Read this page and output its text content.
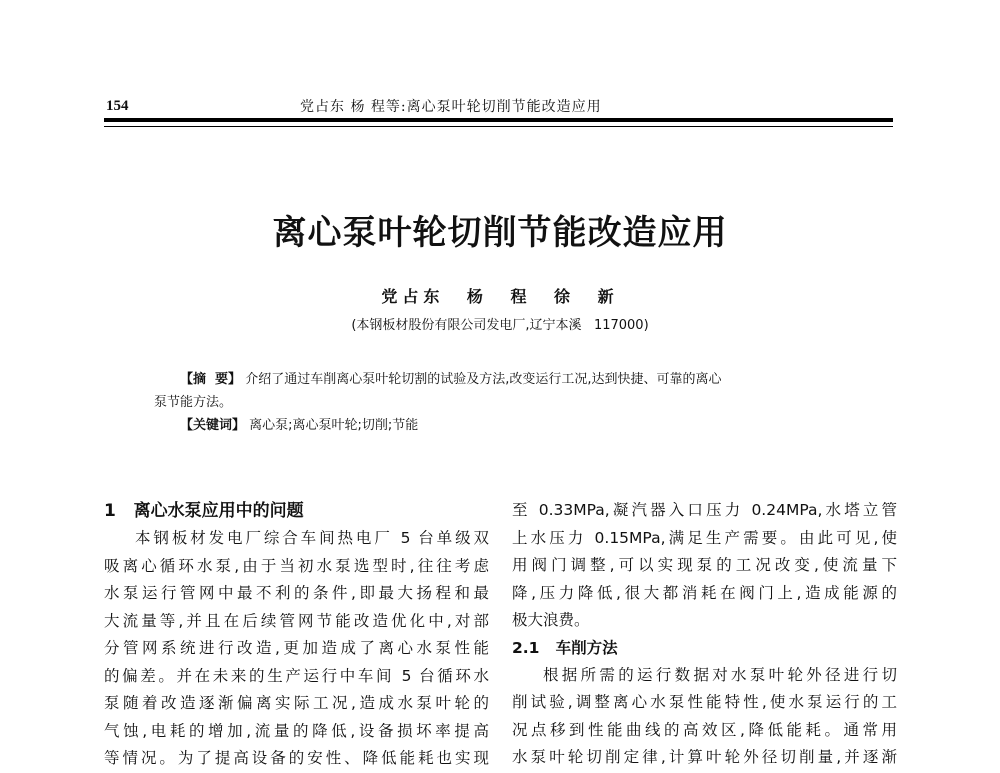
154	党占东 杨 程等:离心泵叶轮切削节能改造应用
离心泵叶轮切削节能改造应用
党占东 杨 程 徐 新
(本钢板材股份有限公司发电厂,辽宁本溪   117000)
【摘  要】 介绍了通过车削离心泵叶轮切割的试验及方法,改变运行工况,达到快捷、可靠的离心
泵节能方法。
【关键词】 离心泵;离心泵叶轮;切削;节能
1   离心水泵应用中的问题
本钢板材发电厂综合车间热电厂 5 台单级双
吸离心循环水泵,由于当初水泵选型时,往往考虑
水泵运行管网中最不利的条件,即最大扬程和最
大流量等,并且在后续管网节能改造优化中,对部
分管网系统进行改造,更加造成了离心水泵性能
的偏差。并在未来的生产运行中车间 5 台循环水
泵随着改造逐渐偏离实际工况,造成水泵叶轮的
气蚀,电耗的增加,流量的降低,设备损坏率提高
等情况。为了提高设备的安性、降低能耗也实现
至 0.33MPa,凝汽器入口压力 0.24MPa,水塔立管
上水压力 0.15MPa,满足生产需要。由此可见,使
用阀门调整,可以实现泵的工况改变,使流量下
降,压力降低,很大都消耗在阀门上,造成能源的
极大浪费。
2.1   车削方法
根据所需的运行数据对水泵叶轮外径进行切
削试验,调整离心水泵性能特性,使水泵运行的工
况点移到性能曲线的高效区,降低能耗。通常用
水泵叶轮切削定律,计算叶轮外径切削量,并逐渐
